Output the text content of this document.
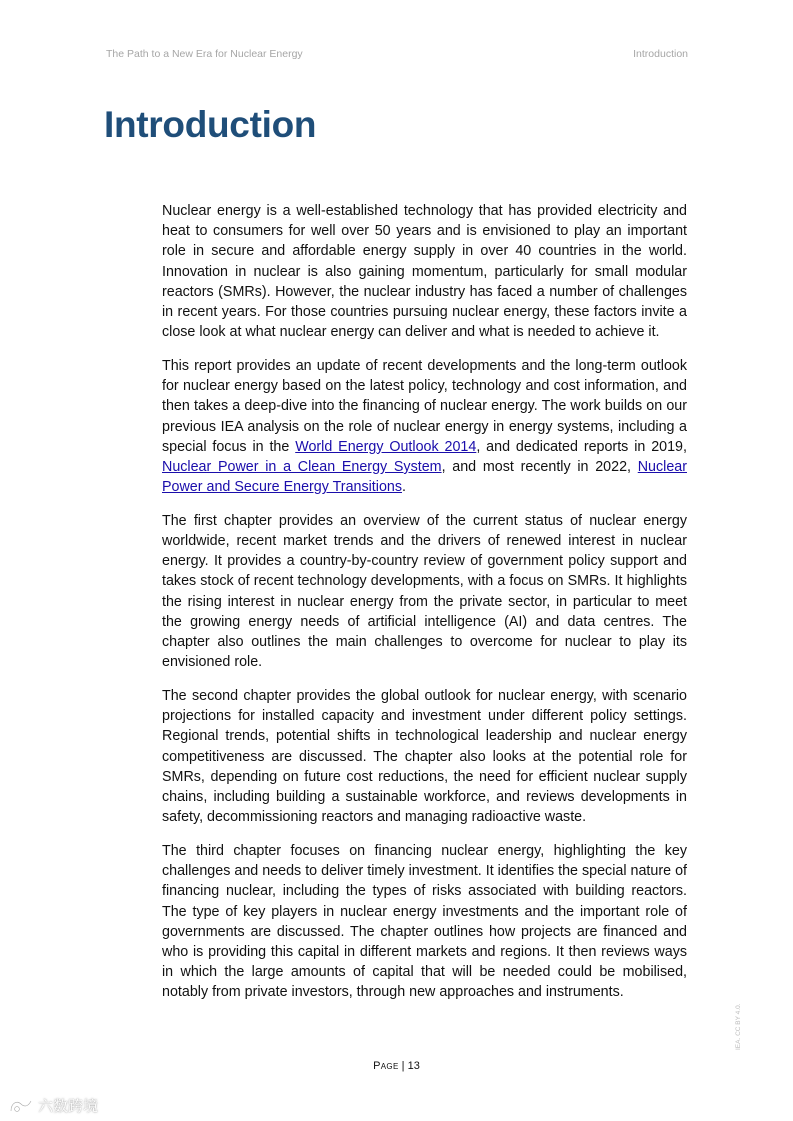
The Path to a New Era for Nuclear Energy	Introduction
Introduction

Nuclear energy is a well-established technology that has provided electricity and heat to consumers for well over 50 years and is envisioned to play an important role in secure and affordable energy supply in over 40 countries in the world. Innovation in nuclear is also gaining momentum, particularly for small modular reactors (SMRs). However, the nuclear industry has faced a number of challenges in recent years. For those countries pursuing nuclear energy, these factors invite a close look at what nuclear energy can deliver and what is needed to achieve it.

This report provides an update of recent developments and the long-term outlook for nuclear energy based on the latest policy, technology and cost information, and then takes a deep-dive into the financing of nuclear energy. The work builds on our previous IEA analysis on the role of nuclear energy in energy systems, including a special focus in the World Energy Outlook 2014, and dedicated reports in 2019, Nuclear Power in a Clean Energy System, and most recently in 2022, Nuclear Power and Secure Energy Transitions.

The first chapter provides an overview of the current status of nuclear energy worldwide, recent market trends and the drivers of renewed interest in nuclear energy. It provides a country-by-country review of government policy support and takes stock of recent technology developments, with a focus on SMRs. It highlights the rising interest in nuclear energy from the private sector, in particular to meet the growing energy needs of artificial intelligence (AI) and data centres. The chapter also outlines the main challenges to overcome for nuclear to play its envisioned role.

The second chapter provides the global outlook for nuclear energy, with scenario projections for installed capacity and investment under different policy settings. Regional trends, potential shifts in technological leadership and nuclear energy competitiveness are discussed. The chapter also looks at the potential role for SMRs, depending on future cost reductions, the need for efficient nuclear supply chains, including building a sustainable workforce, and reviews developments in safety, decommissioning reactors and managing radioactive waste.

The third chapter focuses on financing nuclear energy, highlighting the key challenges and needs to deliver timely investment. It identifies the special nature of financing nuclear, including the types of risks associated with building reactors. The type of key players in nuclear energy investments and the important role of governments are discussed. The chapter outlines how projects are financed and who is providing this capital in different markets and regions. It then reviews ways in which the large amounts of capital that will be needed could be mobilised, notably from private investors, through new approaches and instruments.

Page | 13
IEA. CC BY 4.0.
六数跨境
